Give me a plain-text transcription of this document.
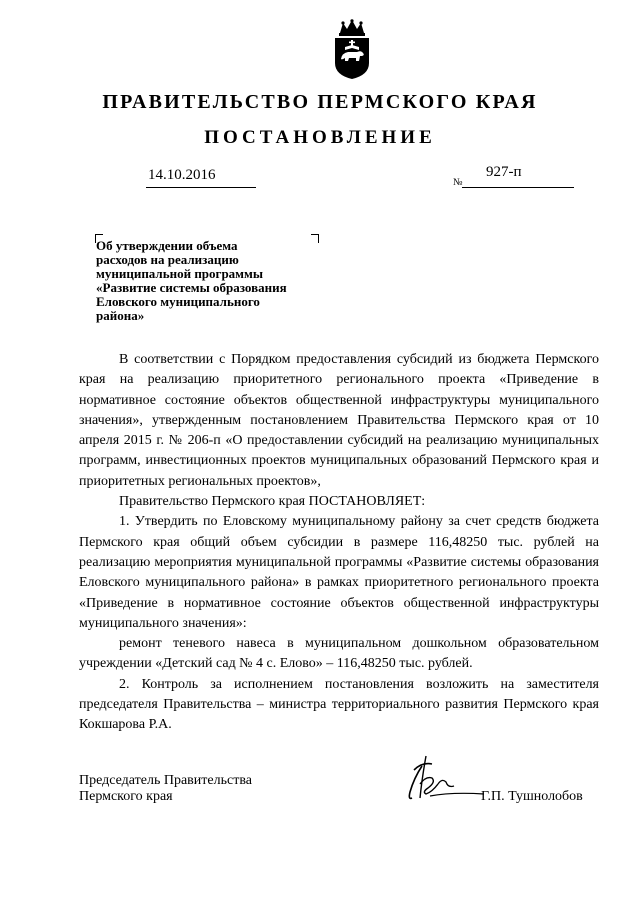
ПРАВИТЕЛЬСТВО ПЕРМСКОГО КРАЯ
ПОСТАНОВЛЕНИЕ
14.10.2016	№
927-п
Об утверждении объема
расходов на реализацию
муниципальной программы
«Развитие системы образования
Еловского муниципального
района»

В соответствии с Порядком предоставления субсидий из бюджета Пермского края на реализацию приоритетного регионального проекта «Приведение в нормативное состояние объектов общественной инфраструктуры муниципального значения», утвержденным постановлением Правительства Пермского края от 10 апреля 2015 г. № 206-п «О предоставлении субсидий на реализацию муниципальных программ, инвестиционных проектов муниципальных образований Пермского края и приоритетных региональных проектов»,

Правительство Пермского края ПОСТАНОВЛЯЕТ:

1. Утвердить по Еловскому муниципальному району за счет средств бюджета Пермского края общий объем субсидии в размере 116,48250 тыс. рублей на реализацию мероприятия муниципальной программы «Развитие системы образования Еловского муниципального района» в рамках приоритетного регионального проекта «Приведение в нормативное состояние объектов общественной инфраструктуры муниципального значения»:

ремонт теневого навеса в муниципальном дошкольном образовательном учреждении «Детский сад № 4 с. Елово» – 116,48250 тыс. рублей.

2. Контроль за исполнением постановления возложить на заместителя председателя Правительства – министра территориального развития Пермского края Кокшарова Р.А.

Председатель Правительства
Пермского края	Г.П. Тушнолобов
